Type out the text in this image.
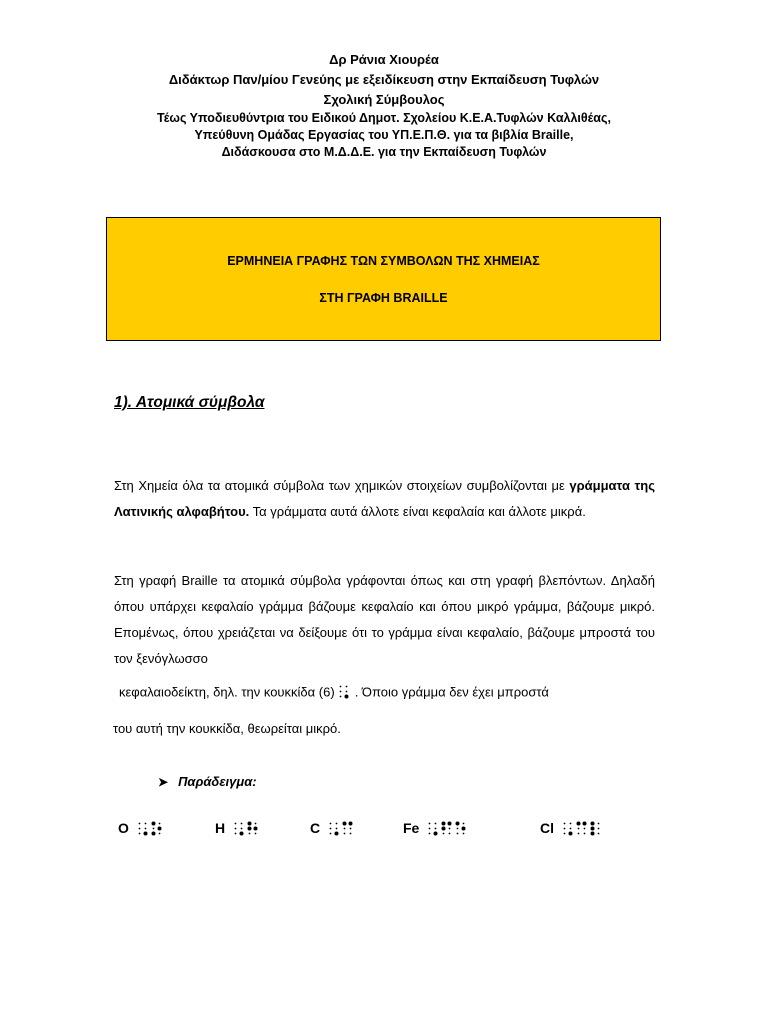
Δρ Ράνια Χιουρέα
Διδάκτωρ Παν/μίου Γενεύης με εξειδίκευση στην Εκπαίδευση Τυφλών
Σχολική Σύμβουλος
Τέως Υποδιευθύντρια του Ειδικού Δημοτ. Σχολείου Κ.Ε.Α.Τυφλών Καλλιθέας,
Υπεύθυνη Ομάδας Εργασίας του ΥΠ.Ε.Π.Θ. για τα βιβλία Braille,
Διδάσκουσα στο Μ.Δ.Δ.Ε. για την Εκπαίδευση Τυφλών
ΕΡΜΗΝΕΙΑ ΓΡΑΦΗΣ ΤΩΝ ΣΥΜΒΟΛΩΝ ΤΗΣ ΧΗΜΕΙΑΣ
ΣΤΗ ΓΡΑΦΗ BRAILLE
1). Ατομικά σύμβολα
Στη Χημεία όλα τα ατομικά σύμβολα των χημικών στοιχείων συμβολίζονται με γράμματα της Λατινικής αλφαβήτου. Τα γράμματα αυτά άλλοτε είναι κεφαλαία και άλλοτε μικρά.
Στη γραφή Braille τα ατομικά σύμβολα γράφονται όπως και στη γραφή βλεπόντων. Δηλαδή όπου υπάρχει κεφαλαίο γράμμα βάζουμε κεφαλαίο και όπου μικρό γράμμα, βάζουμε μικρό. Επομένως, όπου χρειάζεται να δείξουμε ότι το γράμμα είναι κεφαλαίο, βάζουμε μπροστά του τον ξενόγλωσσο
κεφαλαιοδείκτη, δηλ. την κουκκίδα (6) . Όποιο γράμμα δεν έχει μπροστά
του αυτή την κουκκίδα, θεωρείται μικρό.
➤ Παράδειγμα:
O	H	C	Fe	Cl
